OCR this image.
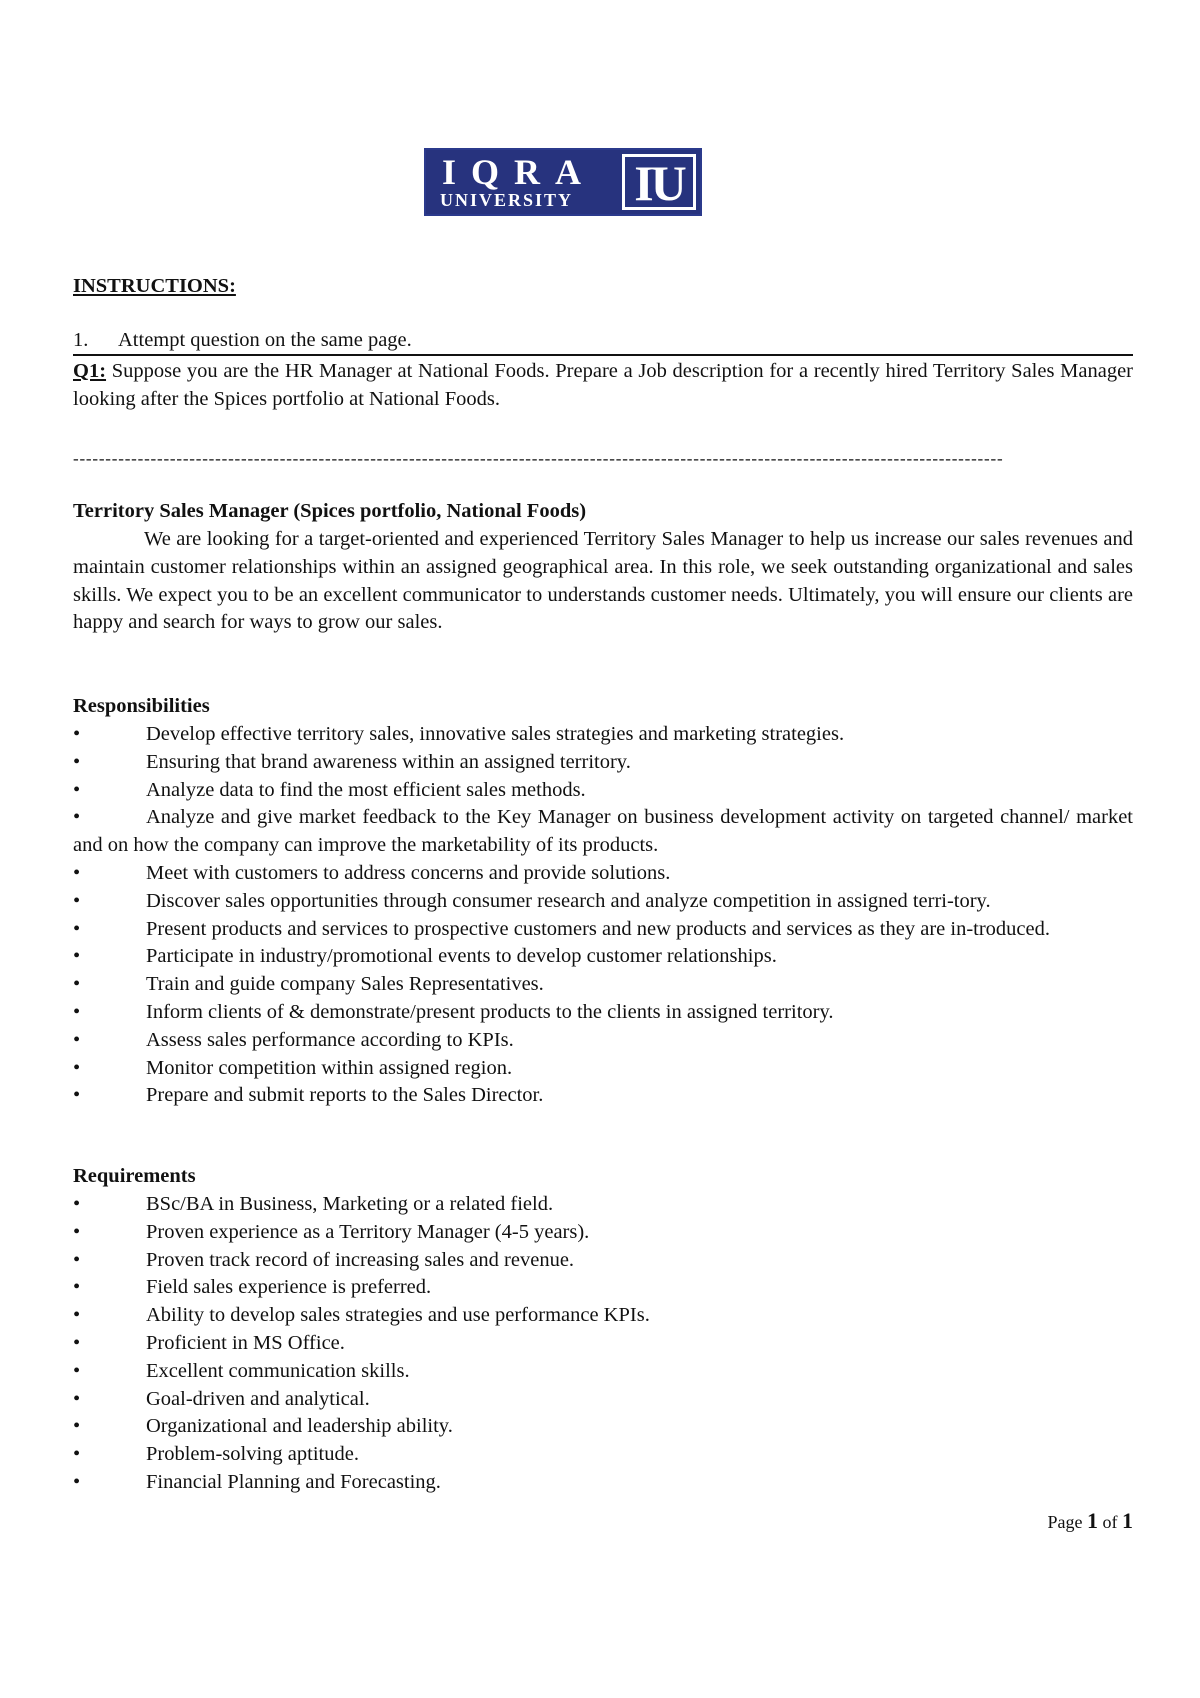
IQRA
UNIVERSITY IU
INSTRUCTIONS:
1. Attempt question on the same page.
Q1: Suppose you are the HR Manager at National Foods. Prepare a Job description for a recently hired Territory Sales Manager looking after the Spices portfolio at National Foods.
------------------------------------------------------------------------------------------------------------------------------------------------
Territory Sales Manager (Spices portfolio, National Foods)
We are looking for a target-oriented and experienced Territory Sales Manager to help us increase our sales revenues and maintain customer relationships within an assigned geographical area. In this role, we seek outstanding organizational and sales skills. We expect you to be an excellent communicator to understands customer needs. Ultimately, you will ensure our clients are happy and search for ways to grow our sales.
Responsibilities
•	Develop effective territory sales, innovative sales strategies and marketing strategies.
•	Ensuring that brand awareness within an assigned territory.
•	Analyze data to find the most efficient sales methods.
•	Analyze and give market feedback to the Key Manager on business development activity on targeted channel/ market and on how the company can improve the marketability of its products.
•	Meet with customers to address concerns and provide solutions.
•	Discover sales opportunities through consumer research and analyze competition in assigned terri-tory.
•	Present products and services to prospective customers and new products and services as they are in-troduced.
•	Participate in industry/promotional events to develop customer relationships.
•	Train and guide company Sales Representatives.
•	Inform clients of & demonstrate/present products to the clients in assigned territory.
•	Assess sales performance according to KPIs.
•	Monitor competition within assigned region.
•	Prepare and submit reports to the Sales Director.
Requirements
•	BSc/BA in Business, Marketing or a related field.
•	Proven experience as a Territory Manager (4-5 years).
•	Proven track record of increasing sales and revenue.
•	Field sales experience is preferred.
•	Ability to develop sales strategies and use performance KPIs.
•	Proficient in MS Office.
•	Excellent communication skills.
•	Goal-driven and analytical.
•	Organizational and leadership ability.
•	Problem-solving aptitude.
•	Financial Planning and Forecasting.
Page 1 of 1
